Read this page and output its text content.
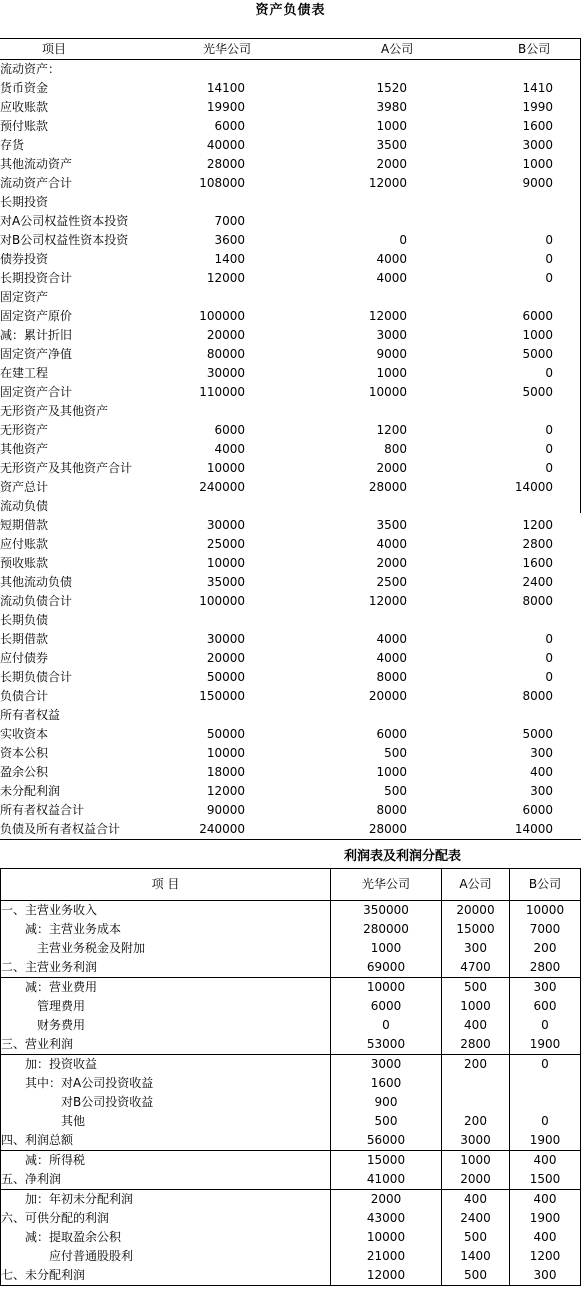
资产负债表
项目	光华公司	A公司	B公司
流动资产：
货币资金	14100	1520	1410
应收账款	19900	3980	1990
预付账款	6000	1000	1600
存货	40000	3500	3000
其他流动资产	28000	2000	1000
流动资产合计	108000	12000	9000
长期投资
对A公司权益性资本投资	7000
对B公司权益性资本投资	3600	0	0
债券投资	1400	4000	0
长期投资合计	12000	4000	0
固定资产
固定资产原价	100000	12000	6000
减：累计折旧	20000	3000	1000
固定资产净值	80000	9000	5000
在建工程	30000	1000	0
固定资产合计	110000	10000	5000
无形资产及其他资产
无形资产	6000	1200	0
其他资产	4000	800	0
无形资产及其他资产合计	10000	2000	0
资产总计	240000	28000	14000
流动负债
短期借款	30000	3500	1200
应付账款	25000	4000	2800
预收账款	10000	2000	1600
其他流动负债	35000	2500	2400
流动负债合计	100000	12000	8000
长期负债
长期借款	30000	4000	0
应付债券	20000	4000	0
长期负债合计	50000	8000	0
负债合计	150000	20000	8000
所有者权益
实收资本	50000	6000	5000
资本公积	10000	500	300
盈余公积	18000	1000	400
未分配利润	12000	500	300
所有者权益合计	90000	8000	6000
负债及所有者权益合计	240000	28000	14000
利润表及利润分配表
项 目	光华公司	A公司	B公司
一、主营业务收入	350000	20000	10000
　　减：主营业务成本	280000	15000	7000
　　　主营业务税金及附加	1000	300	200
二、主营业务利润	69000	4700	2800
　　减：营业费用	10000	500	300
　　　管理费用	6000	1000	600
　　　财务费用	0	400	0
三、营业利润	53000	2800	1900
　　加：投资收益	3000	200	0
　　其中：对A公司投资收益	1600		
　　　　　对B公司投资收益	900		
　　　　　其他	500	200	0
四、利润总额	56000	3000	1900
　　减：所得税	15000	1000	400
五、净利润	41000	2000	1500
　　加：年初未分配利润	2000	400	400
六、可供分配的利润	43000	2400	1900
　　减：提取盈余公积	10000	500	400
　　　　应付普通股股利	21000	1400	1200
七、未分配利润	12000	500	300
